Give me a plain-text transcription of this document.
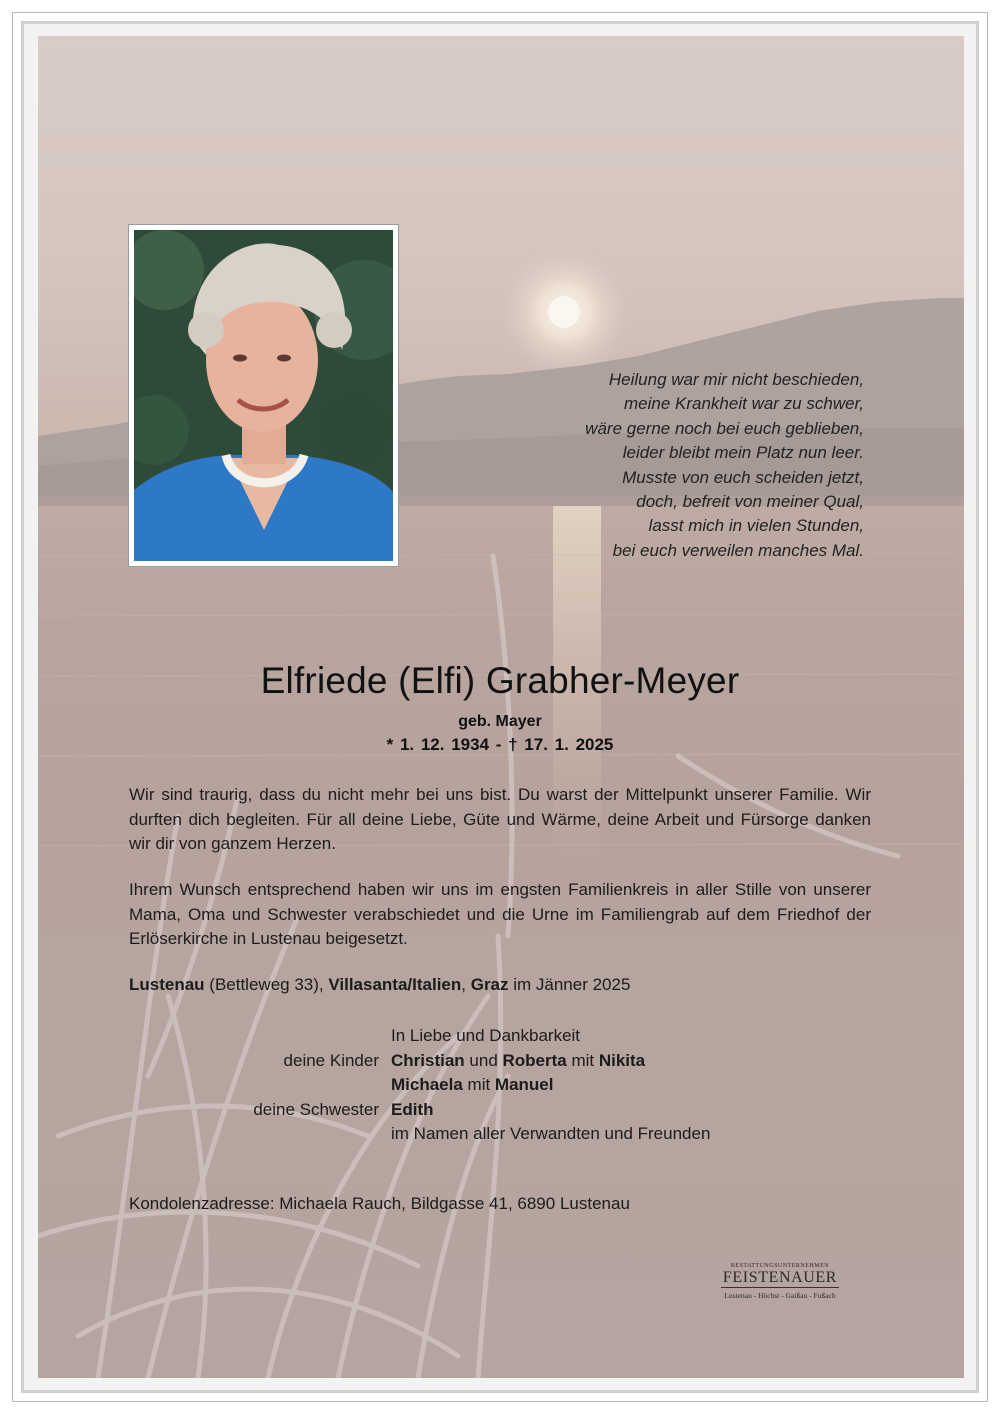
Heilung war mir nicht beschieden,
meine Krankheit war zu schwer,
wäre gerne noch bei euch geblieben,
leider bleibt mein Platz nun leer.
Musste von euch scheiden jetzt,
doch, befreit von meiner Qual,
lasst mich in vielen Stunden,
bei euch verweilen manches Mal.
Elfriede (Elfi) Grabher-Meyer
geb. Mayer
* 1. 12. 1934 - † 17. 1. 2025
Wir sind traurig, dass du nicht mehr bei uns bist. Du warst der Mittelpunkt unserer Familie. Wir durften dich begleiten. Für all deine Liebe, Güte und Wärme, deine Arbeit und Fürsorge danken wir dir von ganzem Herzen.
Ihrem Wunsch entsprechend haben wir uns im engsten Familienkreis in aller Stille von unserer Mama, Oma und Schwester verabschiedet und die Urne im Familiengrab auf dem Friedhof der Erlöserkirche in Lustenau beigesetzt.
Lustenau (Bettleweg 33), Villasanta/Italien, Graz im Jänner 2025
In Liebe und Dankbarkeit
deine Kinder Christian und Roberta mit Nikita
Michaela mit Manuel
deine Schwester Edith
im Namen aller Verwandten und Freunden
Kondolenzadresse: Michaela Rauch, Bildgasse 41, 6890 Lustenau
BESTATTUNGSUNTERNEHMEN
FEISTENAUER
Lustenau - Höchst - Gaißau - Fußach
